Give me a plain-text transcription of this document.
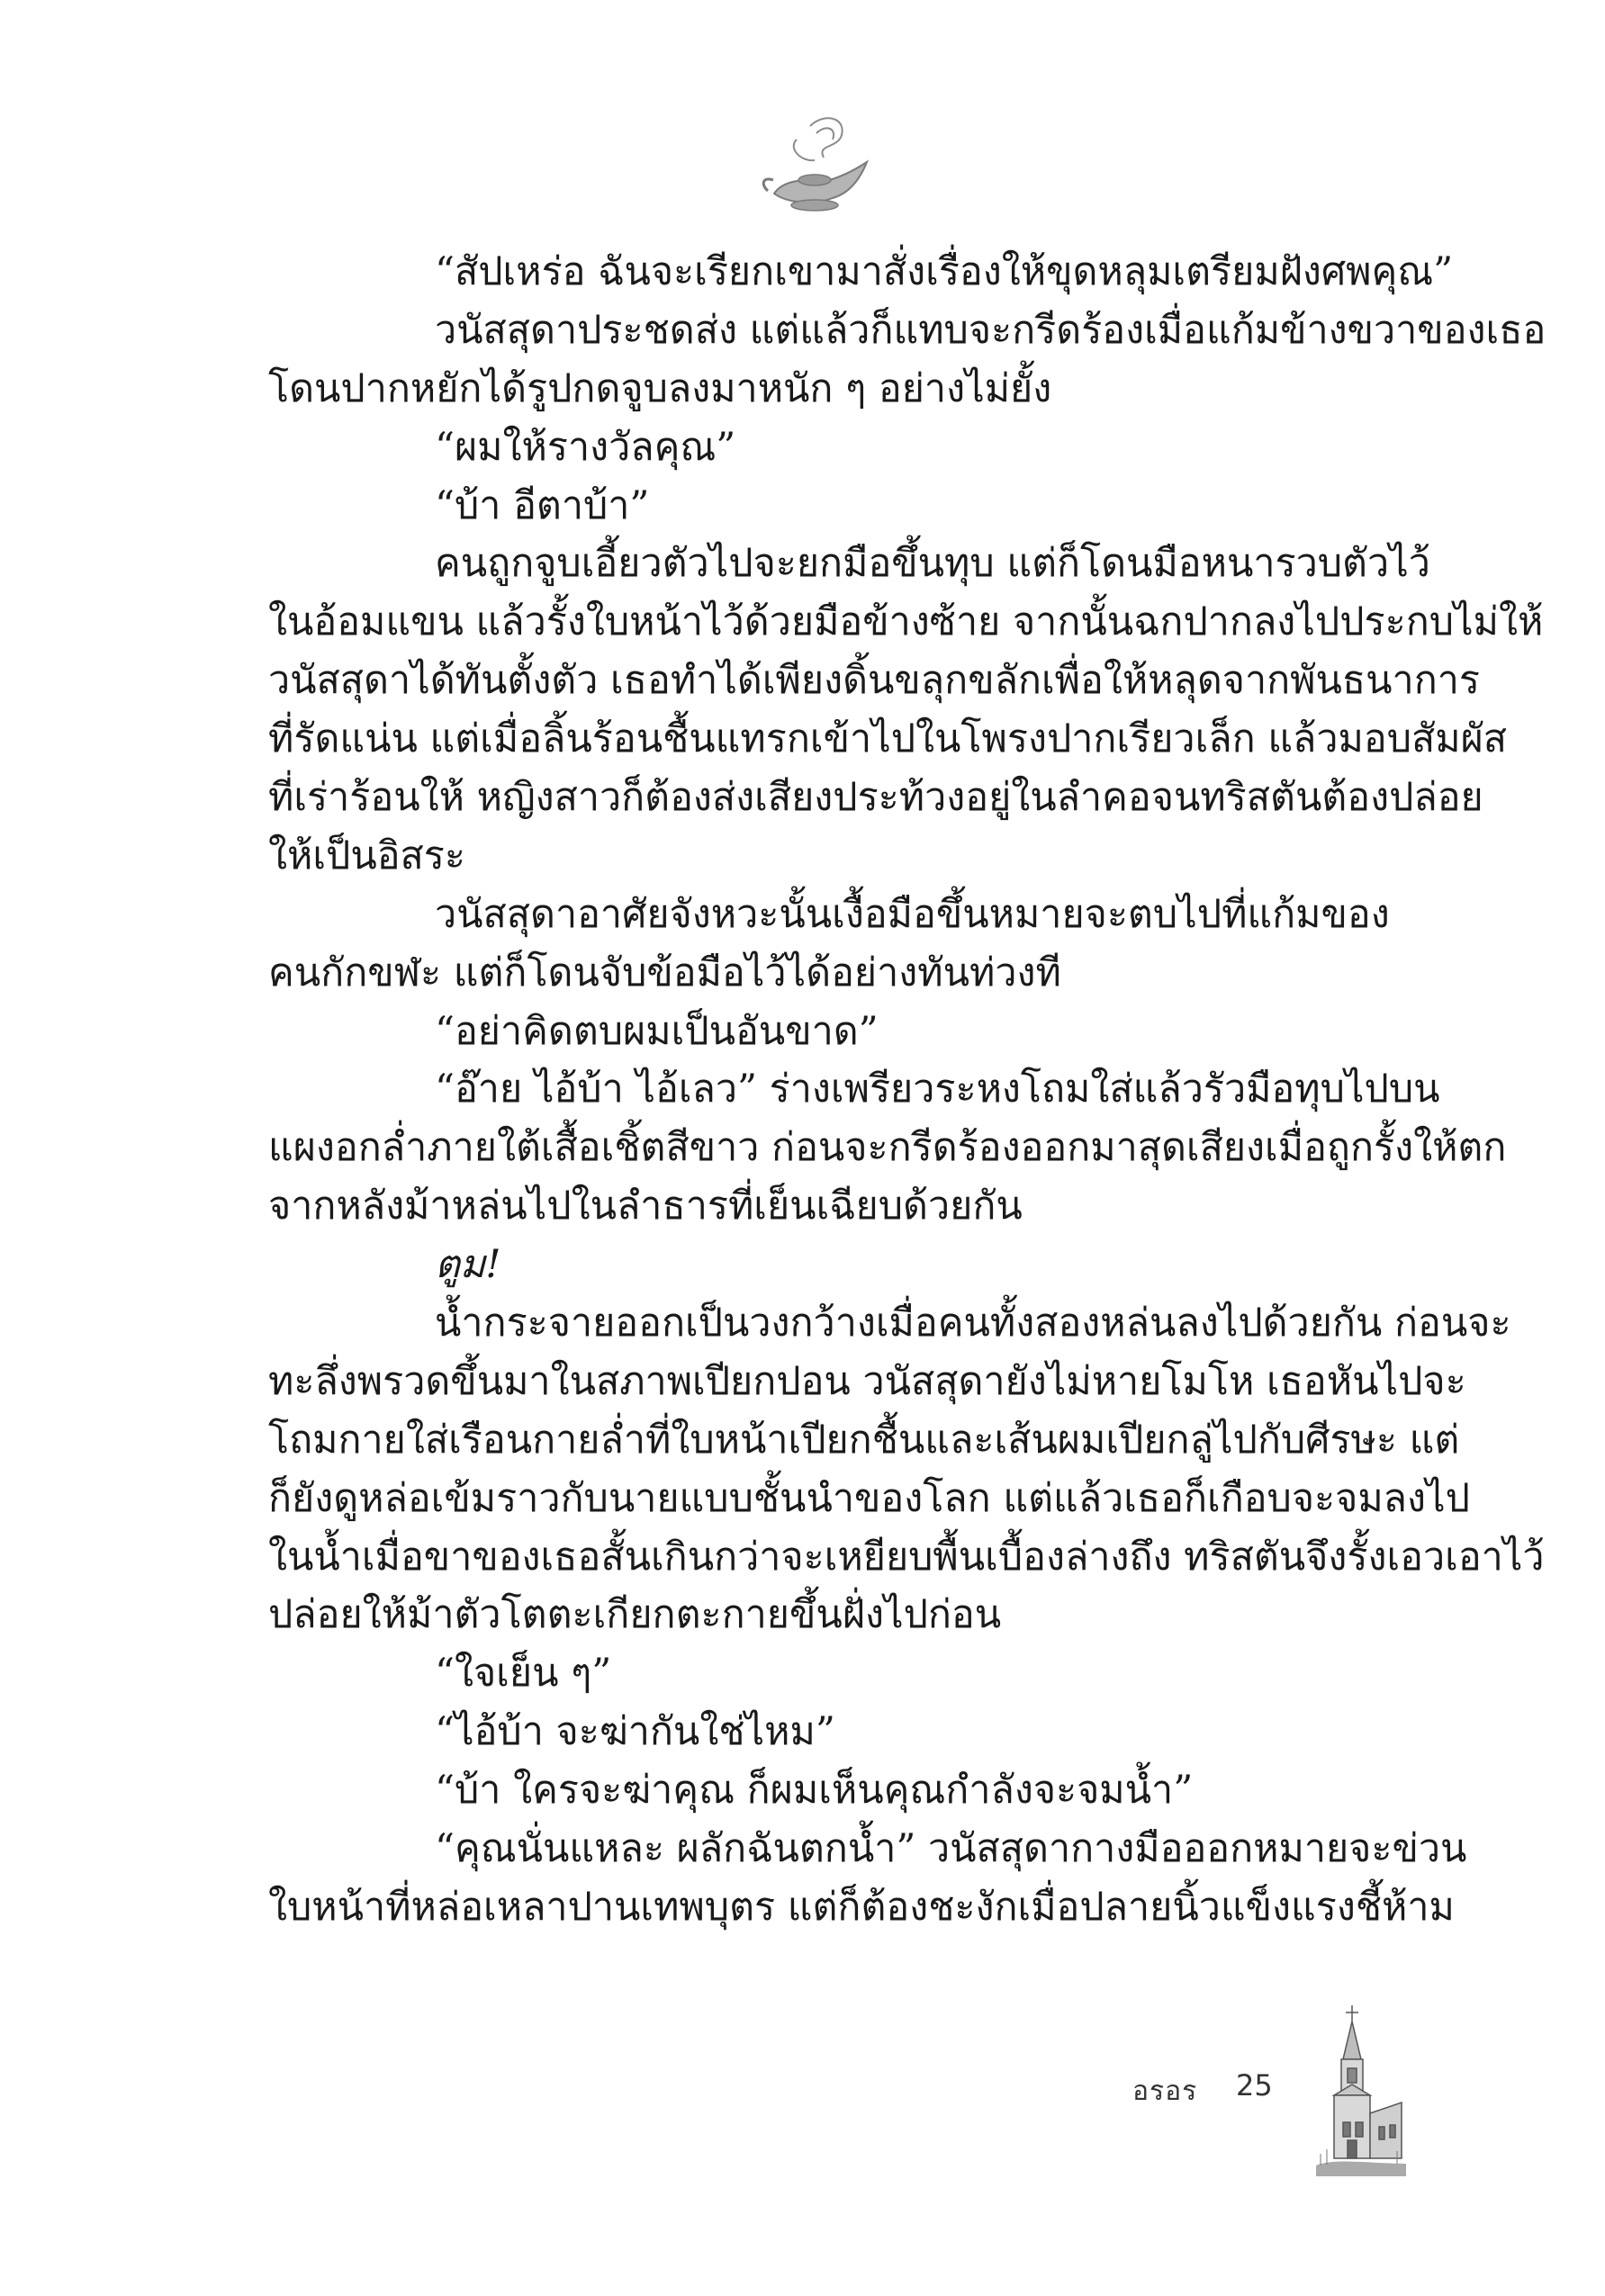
“สัปเหร่อ ฉันจะเรียกเขามาสั่งเรื่องให้ขุดหลุมเตรียมฝังศพคุณ”
วนัสสุดาประชดส่ง แต่แล้วก็แทบจะกรีดร้องเมื่อแก้มข้างขวาของเธอ
โดนปากหยักได้รูปกดจูบลงมาหนัก ๆ อย่างไม่ยั้ง
“ผมให้รางวัลคุณ”
“บ้า อีตาบ้า”
คนถูกจูบเอี้ยวตัวไปจะยกมือขึ้นทุบ แต่ก็โดนมือหนารวบตัวไว้
ในอ้อมแขน แล้วรั้งใบหน้าไว้ด้วยมือข้างซ้าย จากนั้นฉกปากลงไปประกบไม่ให้
วนัสสุดาได้ทันตั้งตัว เธอทำได้เพียงดิ้นขลุกขลักเพื่อให้หลุดจากพันธนาการ
ที่รัดแน่น แต่เมื่อลิ้นร้อนชื้นแทรกเข้าไปในโพรงปากเรียวเล็ก แล้วมอบสัมผัส
ที่เร่าร้อนให้ หญิงสาวก็ต้องส่งเสียงประท้วงอยู่ในลำคอจนทริสตันต้องปล่อย
ให้เป็นอิสระ
วนัสสุดาอาศัยจังหวะนั้นเงื้อมือขึ้นหมายจะตบไปที่แก้มของ
คนกักขฬะ แต่ก็โดนจับข้อมือไว้ได้อย่างทันท่วงที
“อย่าคิดตบผมเป็นอันขาด”
“อ๊าย ไอ้บ้า ไอ้เลว” ร่างเพรียวระหงโถมใส่แล้วรัวมือทุบไปบน
แผงอกล่ำภายใต้เสื้อเชิ้ตสีขาว ก่อนจะกรีดร้องออกมาสุดเสียงเมื่อถูกรั้งให้ตก
จากหลังม้าหล่นไปในลำธารที่เย็นเฉียบด้วยกัน
ตูม!
น้ำกระจายออกเป็นวงกว้างเมื่อคนทั้งสองหล่นลงไปด้วยกัน ก่อนจะ
ทะลึ่งพรวดขึ้นมาในสภาพเปียกปอน วนัสสุดายังไม่หายโมโห เธอหันไปจะ
โถมกายใส่เรือนกายล่ำที่ใบหน้าเปียกชื้นและเส้นผมเปียกลู่ไปกับศีรษะ แต่
ก็ยังดูหล่อเข้มราวกับนายแบบชั้นนำของโลก แต่แล้วเธอก็เกือบจะจมลงไป
ในน้ำเมื่อขาของเธอสั้นเกินกว่าจะเหยียบพื้นเบื้องล่างถึง ทริสตันจึงรั้งเอวเอาไว้
ปล่อยให้ม้าตัวโตตะเกียกตะกายขึ้นฝั่งไปก่อน
“ใจเย็น ๆ”
“ไอ้บ้า จะฆ่ากันใช่ไหม”
“บ้า ใครจะฆ่าคุณ ก็ผมเห็นคุณกำลังจะจมน้ำ”
“คุณนั่นแหละ ผลักฉันตกน้ำ” วนัสสุดากางมือออกหมายจะข่วน
ใบหน้าที่หล่อเหลาปานเทพบุตร แต่ก็ต้องชะงักเมื่อปลายนิ้วแข็งแรงชี้ห้าม
อรอร 25
